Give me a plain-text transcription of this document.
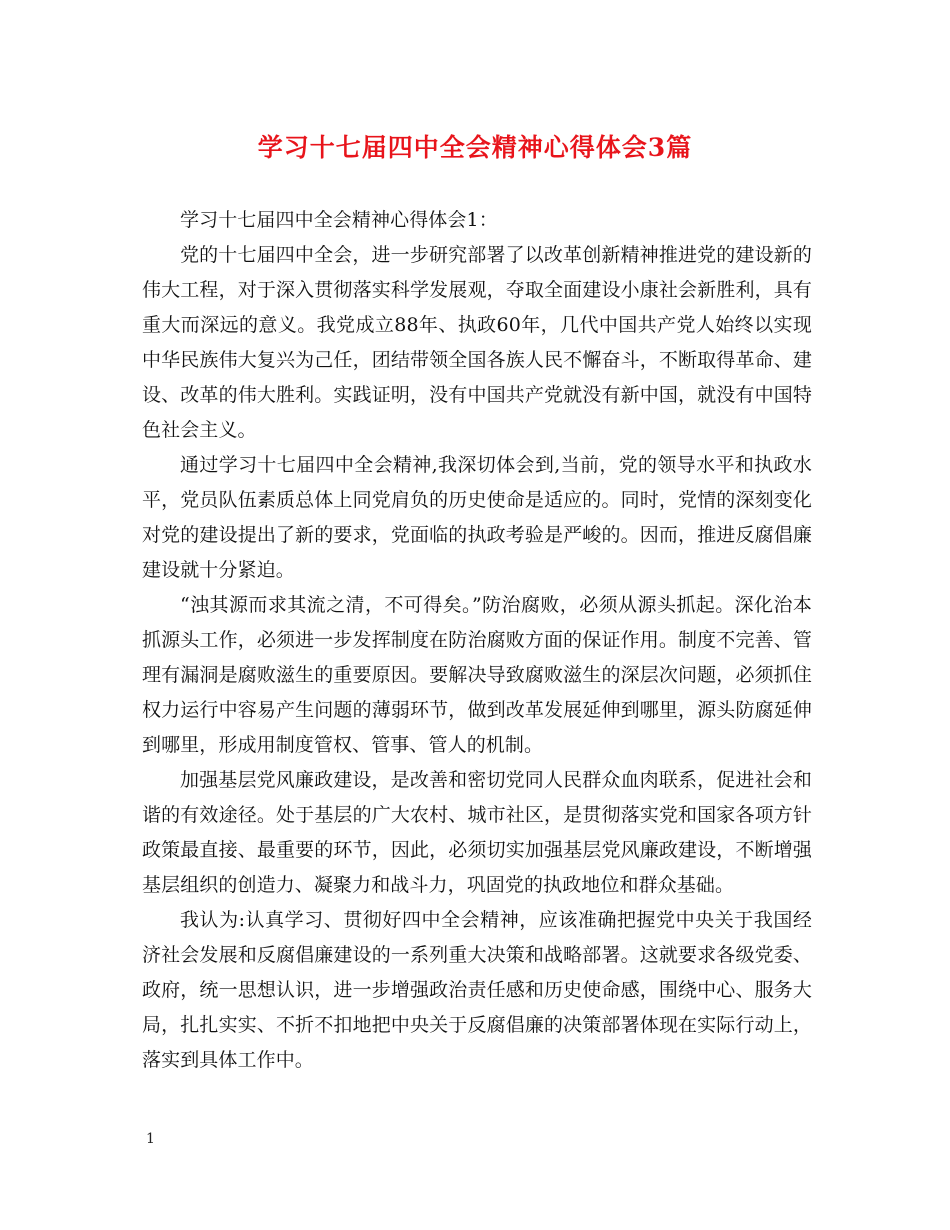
学习十七届四中全会精神心得体会3篇

学习十七届四中全会精神心得体会1：

党的十七届四中全会，进一步研究部署了以改革创新精神推进党的建设新的伟大工程，对于深入贯彻落实科学发展观，夺取全面建设小康社会新胜利，具有重大而深远的意义。我党成立88年、执政60年，几代中国共产党人始终以实现中华民族伟大复兴为己任，团结带领全国各族人民不懈奋斗，不断取得革命、建设、改革的伟大胜利。实践证明，没有中国共产党就没有新中国，就没有中国特色社会主义。

通过学习十七届四中全会精神,我深切体会到,当前，党的领导水平和执政水平，党员队伍素质总体上同党肩负的历史使命是适应的。同时，党情的深刻变化对党的建设提出了新的要求，党面临的执政考验是严峻的。因而，推进反腐倡廉建设就十分紧迫。

“浊其源而求其流之清，不可得矣。”防治腐败，必须从源头抓起。深化治本抓源头工作，必须进一步发挥制度在防治腐败方面的保证作用。制度不完善、管理有漏洞是腐败滋生的重要原因。要解决导致腐败滋生的深层次问题，必须抓住权力运行中容易产生问题的薄弱环节，做到改革发展延伸到哪里，源头防腐延伸到哪里，形成用制度管权、管事、管人的机制。

加强基层党风廉政建设，是改善和密切党同人民群众血肉联系，促进社会和谐的有效途径。处于基层的广大农村、城市社区，是贯彻落实党和国家各项方针政策最直接、最重要的环节，因此，必须切实加强基层党风廉政建设，不断增强基层组织的创造力、凝聚力和战斗力，巩固党的执政地位和群众基础。

我认为:认真学习、贯彻好四中全会精神，应该准确把握党中央关于我国经济社会发展和反腐倡廉建设的一系列重大决策和战略部署。这就要求各级党委、政府，统一思想认识，进一步增强政治责任感和历史使命感，围绕中心、服务大局，扎扎实实、不折不扣地把中央关于反腐倡廉的决策部署体现在实际行动上，落实到具体工作中。

1
